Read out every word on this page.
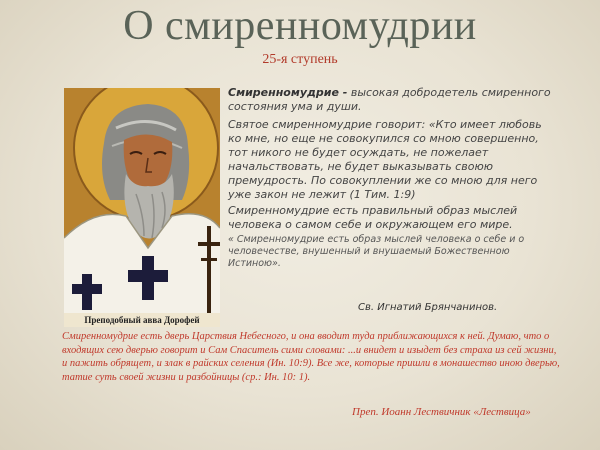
О смиренномудрии
25-я ступень
Преподобный авва Дорофей

Смиренномудрие - высокая добродетель смиренного состояния ума и души.

Святое смиренномудрие говорит: «Кто имеет любовь ко мне, но еще не совокупился со мною совершенно, тот никого не будет осуждать, не пожелает начальствовать, не будет выказывать своюю премудрость. По совокуплении же со мною для него уже закон не лежит (1 Тим. 1:9)

Смиренномудрие есть правильный образ мыслей человека о самом себе и окружающем его мире.

« Смиренномудрие есть образ мыслей человека о себе и о человечестве, внушенный и внушаемый Божественною Истиною».

Св. Игнатий Брянчанинов.

Смиренномудрие есть дверь Царствия Небесного, и она вводит туда приближающихся к ней. Думаю, что о входящих сею дверью говорит и Сам Спаситель сими словами: ...и внидет и изыдет без страха из сей жизни, и пажить обрящет, и злак в райских селения (Ин. 10:9). Все же, которые пришли в монашество иною дверью, татие суть своей жизни и разбойницы (ср.: Ин. 10: 1).

Преп. Иоанн Лествичник «Лествица»
